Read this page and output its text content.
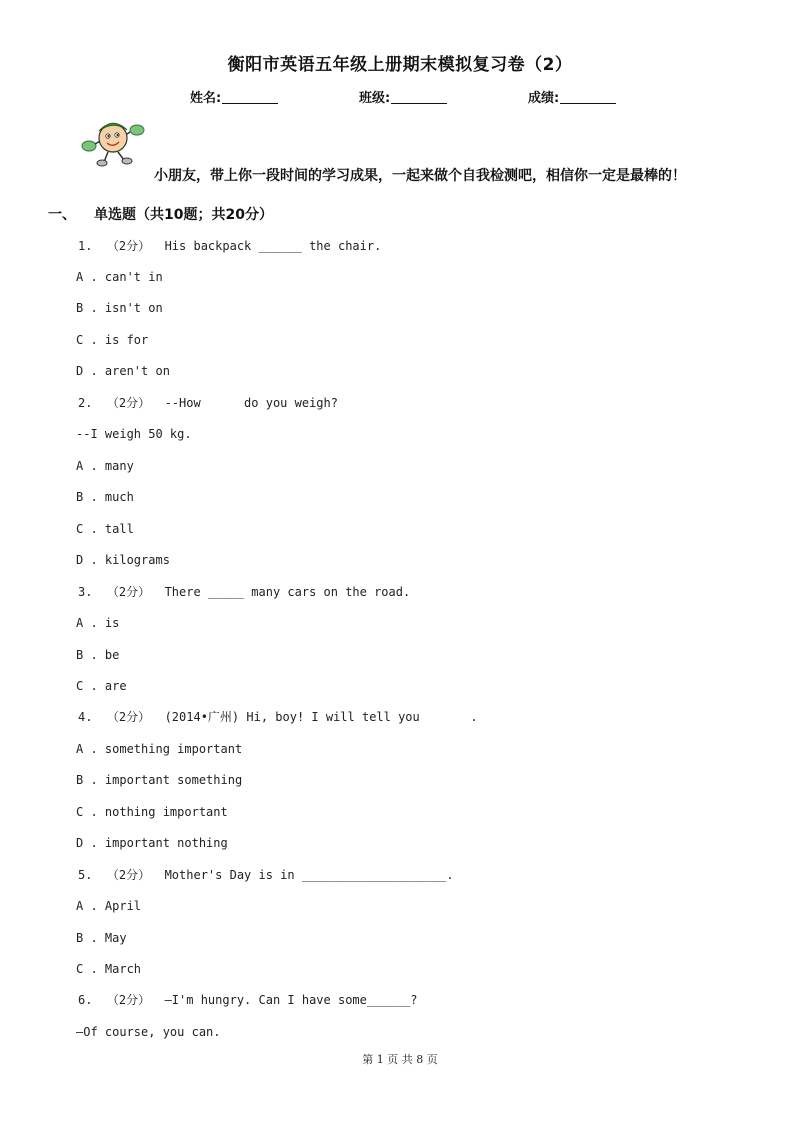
衡阳市英语五年级上册期末模拟复习卷（2）
姓名:	班级:	成绩:
小朋友，带上你一段时间的学习成果，一起来做个自我检测吧，相信你一定是最棒的！
一、 单选题（共10题；共20分）
1.  （2分）  His backpack ______ the chair.
A . can't in
B . isn't on
C . is for
D . aren't on
2.  （2分）  --How      do you weigh?
--I weigh 50 kg.
A . many
B . much
C . tall
D . kilograms
3.  （2分）  There _____ many cars on the road.
A . is
B . be
C . are
4.  （2分）  (2014•广州) Hi, boy! I will tell you       .
A . something important
B . important something
C . nothing important
D . important nothing
5.  （2分）  Mother's Day is in ____________________.
A . April
B . May
C . March
6.  （2分）  —I'm hungry. Can I have some______?
—Of course, you can.
第 1 页 共 8 页
